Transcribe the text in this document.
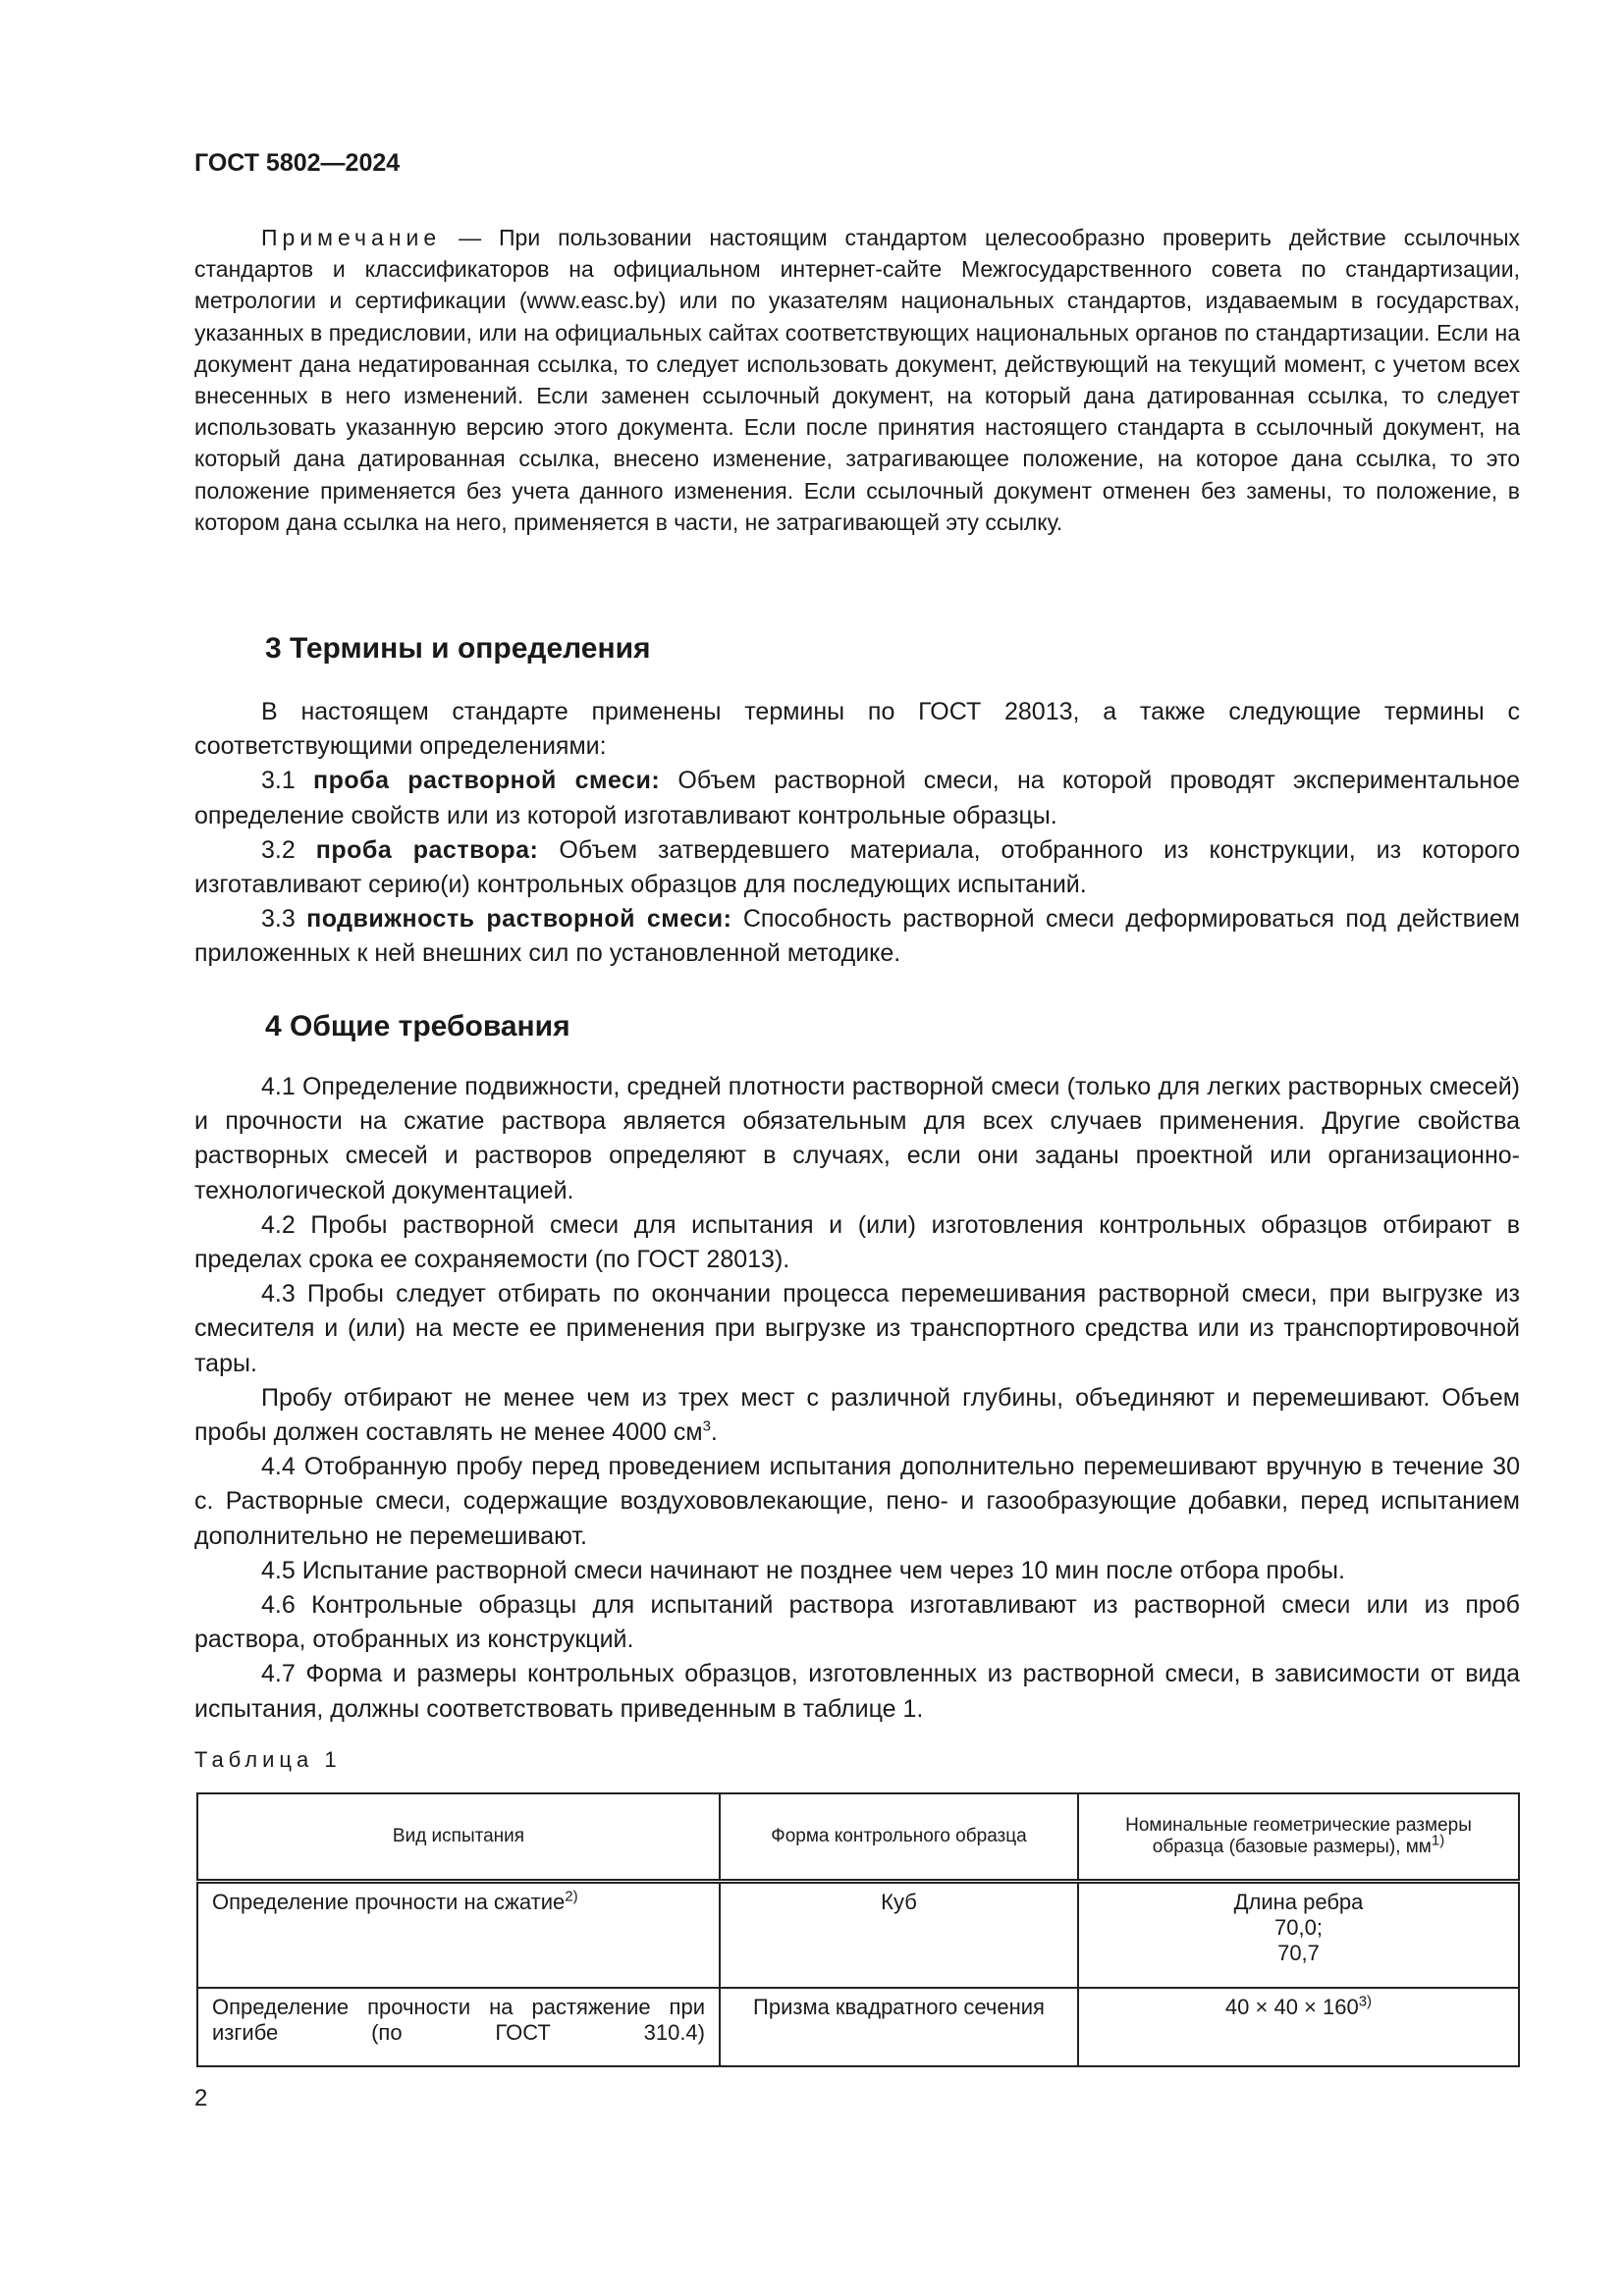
ГОСТ 5802—2024

Примечание — При пользовании настоящим стандартом целесообразно проверить действие ссылочных стандартов и классификаторов на официальном интернет-сайте Межгосударственного совета по стандартизации, метрологии и сертификации (www.easc.by) или по указателям национальных стандартов, издаваемым в государствах, указанных в предисловии, или на официальных сайтах соответствующих национальных органов по стандартизации. Если на документ дана недатированная ссылка, то следует использовать документ, действующий на текущий момент, с учетом всех внесенных в него изменений. Если заменен ссылочный документ, на который дана датированная ссылка, то следует использовать указанную версию этого документа. Если после принятия настоящего стандарта в ссылочный документ, на который дана датированная ссылка, внесено изменение, затрагивающее положение, на которое дана ссылка, то это положение применяется без учета данного изменения. Если ссылочный документ отменен без замены, то положение, в котором дана ссылка на него, применяется в части, не затрагивающей эту ссылку.

3 Термины и определения

В настоящем стандарте применены термины по ГОСТ 28013, а также следующие термины с соответствующими определениями:

3.1 проба растворной смеси: Объем растворной смеси, на которой проводят экспериментальное определение свойств или из которой изготавливают контрольные образцы.

3.2 проба раствора: Объем затвердевшего материала, отобранного из конструкции, из которого изготавливают серию(и) контрольных образцов для последующих испытаний.

3.3 подвижность растворной смеси: Способность растворной смеси деформироваться под действием приложенных к ней внешних сил по установленной методике.

4 Общие требования

4.1 Определение подвижности, средней плотности растворной смеси (только для легких растворных смесей) и прочности на сжатие раствора является обязательным для всех случаев применения. Другие свойства растворных смесей и растворов определяют в случаях, если они заданы проектной или организационно-технологической документацией.

4.2 Пробы растворной смеси для испытания и (или) изготовления контрольных образцов отбирают в пределах срока ее сохраняемости (по ГОСТ 28013).

4.3 Пробы следует отбирать по окончании процесса перемешивания растворной смеси, при выгрузке из смесителя и (или) на месте ее применения при выгрузке из транспортного средства или из транспортировочной тары.

Пробу отбирают не менее чем из трех мест с различной глубины, объединяют и перемешивают. Объем пробы должен составлять не менее 4000 $см^3$.

4.4 Отобранную пробу перед проведением испытания дополнительно перемешивают вручную в течение 30 с. Растворные смеси, содержащие воздухововлекающие, пено- и газообразующие добавки, перед испытанием дополнительно не перемешивают.

4.5 Испытание растворной смеси начинают не позднее чем через 10 мин после отбора пробы.

4.6 Контрольные образцы для испытаний раствора изготавливают из растворной смеси или из проб раствора, отобранных из конструкций.

4.7 Форма и размеры контрольных образцов, изготовленных из растворной смеси, в зависимости от вида испытания, должны соответствовать приведенным в таблице 1.

Таблица 1
Вид испытания	Форма контрольного образца	Номинальные геометрические размеры образца (базовые размеры), $мм^{1)}$
Определение прочности на сжатие$^{2)}$	Куб	Длина ребра
70,0;
70,7

Определение прочности на растяжение при изгибе (по ГОСТ 310.4)	Призма квадратного сечения	$40 \times 40 \times 160^{3)}$
2
